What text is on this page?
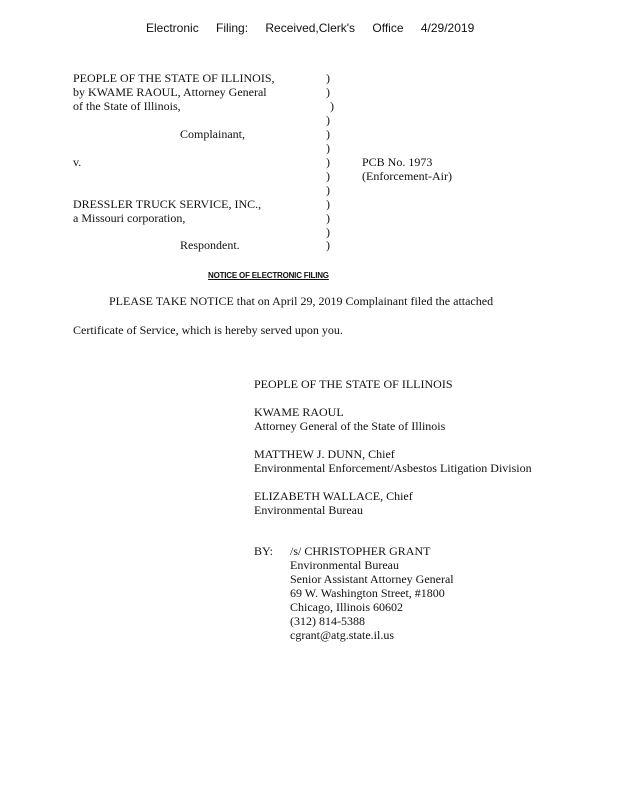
Electronic Filing: Received,Clerk's Office 4/29/2019
PEOPLE OF THE STATE OF ILLINOIS,
by KWAME RAOUL, Attorney General
of the State of Illinois,
Complainant,
v.
DRESSLER TRUCK SERVICE, INC.,
a Missouri corporation,
Respondent.
)
)
)
)
)
)
)
)
)
)
)
)
)
PCB No. 1973
(Enforcement-Air)
NOTICE OF ELECTRONIC FILING
PLEASE TAKE NOTICE that on April 29, 2019 Complainant filed the attached
Certificate of Service, which is hereby served upon you.
PEOPLE OF THE STATE OF ILLINOIS
KWAME RAOUL
Attorney General of the State of Illinois
MATTHEW J. DUNN, Chief
Environmental Enforcement/Asbestos Litigation Division
ELIZABETH WALLACE, Chief
Environmental Bureau
BY: /s/ CHRISTOPHER GRANT
Environmental Bureau
Senior Assistant Attorney General
69 W. Washington Street, #1800
Chicago, Illinois 60602
(312) 814-5388
cgrant@atg.state.il.us
